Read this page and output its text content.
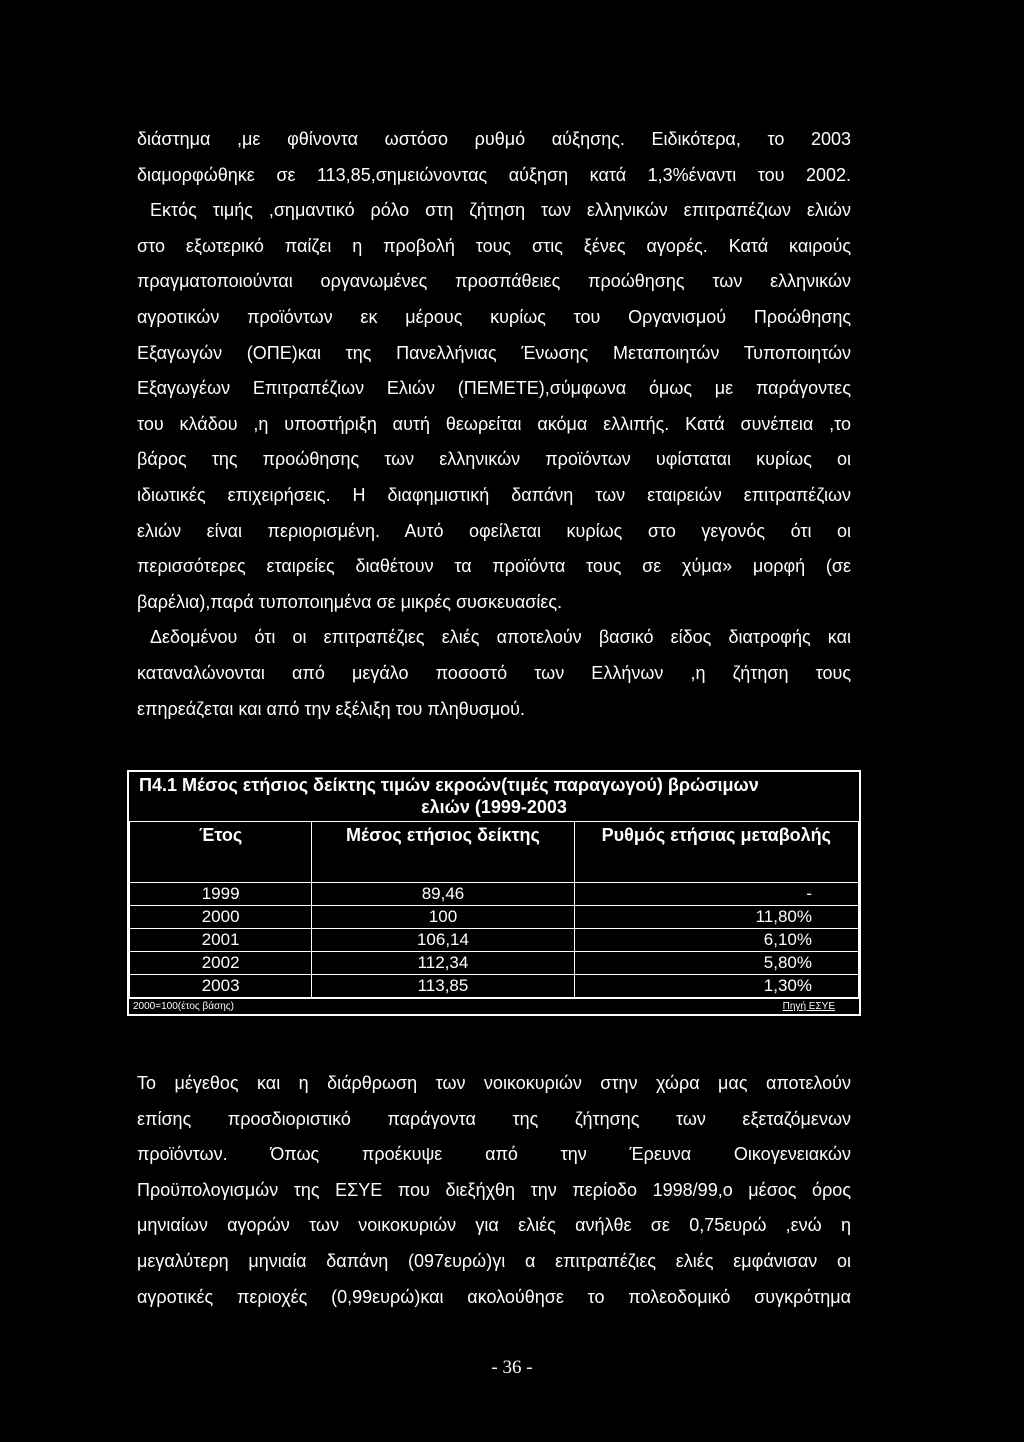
διάστημα ,με φθίνοντα ωστόσο ρυθμό αύξησης. Ειδικότερα, το 2003
διαμορφώθηκε σε 113,85,σημειώνοντας αύξηση κατά 1,3%έναντι του 2002.
Εκτός τιμής ,σημαντικό ρόλο στη ζήτηση των ελληνικών επιτραπέζιων ελιών
στο εξωτερικό παίζει η προβολή τους στις ξένες αγορές. Κατά καιρούς
πραγματοποιούνται οργανωμένες προσπάθειες προώθησης των ελληνικών
αγροτικών προϊόντων εκ μέρους κυρίως του Οργανισμού Προώθησης
Εξαγωγών (ΟΠΕ)και της Πανελλήνιας Ένωσης Μεταποιητών Τυποποιητών
Εξαγωγέων Επιτραπέζιων Ελιών (ΠΕΜΕΤΕ),σύμφωνα όμως με παράγοντες
του κλάδου ,η υποστήριξη αυτή θεωρείται ακόμα ελλιπής. Κατά συνέπεια ,το
βάρος της προώθησης των ελληνικών προϊόντων υφίσταται κυρίως οι
ιδιωτικές επιχειρήσεις. Η διαφημιστική δαπάνη των εταιρειών επιτραπέζιων
ελιών είναι περιορισμένη. Αυτό οφείλεται κυρίως στο γεγονός ότι οι
περισσότερες εταιρείες διαθέτουν τα προϊόντα τους σε χύμα» μορφή (σε
βαρέλια),παρά τυποποιημένα σε μικρές συσκευασίες.
Δεδομένου ότι οι επιτραπέζιες ελιές αποτελούν βασικό είδος διατροφής και
καταναλώνονται από μεγάλο ποσοστό των Ελλήνων ,η ζήτηση τους
επηρεάζεται και από την εξέλιξη του πληθυσμού.
Π4.1 Μέσος ετήσιος δείκτης τιμών εκροών(τιμές παραγωγού) βρώσιμων
ελιών (1999-2003
Έτος	Μέσος ετήσιος δείκτης	Ρυθμός ετήσιας μεταβολής
1999	89,46	-
2000	100	11,80%
2001	106,14	6,10%
2002	112,34	5,80%
2003	113,85	1,30%
2000=100(έτος βάσης)	Πηγή ΕΣΥΕ
Το μέγεθος και η διάρθρωση των νοικοκυριών στην χώρα μας αποτελούν
επίσης προσδιοριστικό παράγοντα της ζήτησης των εξεταζόμενων
προϊόντων. Όπως προέκυψε από την Έρευνα Οικογενειακών
Προϋπολογισμών της ΕΣΥΕ που διεξήχθη την περίοδο 1998/99,ο μέσος όρος
μηνιαίων αγορών των νοικοκυριών για ελιές ανήλθε σε 0,75ευρώ ,ενώ η
μεγαλύτερη μηνιαία δαπάνη (097ευρώ)γι α επιτραπέζιες ελιές εμφάνισαν οι
αγροτικές περιοχές (0,99ευρώ)και ακολούθησε το πολεοδομικό συγκρότημα
- 36 -
